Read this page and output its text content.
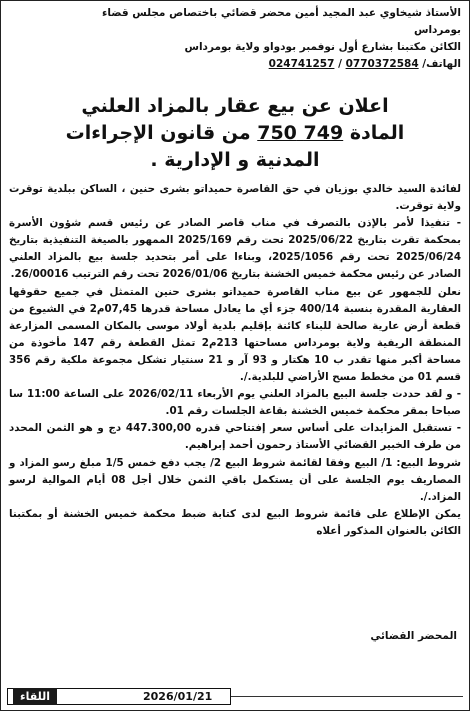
الأستاذ شيخاوي عبد المجيد أمين محضر قضائي باختصاص مجلس قضاء
بومرداس
الكائن مكتبنا بشارع أول نوفمبر بودواو ولاية بومرداس
الهاتف/ 0770372584 / 024741257
اعلان عن بيع عقار بالمزاد العلني
المادة 749 750 من قانون الإجراءات
المدنية و الإدارية .

لفائدة السيد خالدي بوزيان في حق القاصرة حميداتو بشرى حنين ، الساكن ببلدية توقرت ولاية توقرت.

- تنفيذا لأمر بالإذن بالتصرف في مناب قاصر الصادر عن رئيس قسم شؤون الأسرة بمحكمة تقرت بتاريخ 2025/06/22 تحت رقم 2025/169 الممهور بالصيغة التنفيذية بتاريخ 2025/06/24 تحت رقم 2025/1056، وبناءا على أمر بتحديد جلسة بيع بالمزاد العلني الصادر عن رئيس محكمة خميس الخشنة بتاريخ 2026/01/06 تحت رقم الترتيب 26/00016.

نعلن للجمهور عن بيع مناب القاصرة حميداتو بشرى حنين المتمثل في جميع حقوقها العقارية المقدرة بنسبة 400/14 جزء أي ما يعادل مساحة قدرها 07,45م2 في الشيوع من قطعة أرض عارية صالحة للبناء كائنة بإقليم بلدية أولاد موسى بالمكان المسمى المزارعة المنطقة الريفية ولاية بومرداس مساحتها 213م2 تمثل القطعة رقم 147 مأخوذة من مساحة أكبر منها تقدر ب 10 هكتار و 93 آر و 21 سنتيار تشكل مجموعة ملكية رقم 356 قسم 01 من مخطط مسح الأراضي للبلدية./.

- و لقد حددت جلسة البيع بالمزاد العلني يوم الأربعاء 2026/02/11 على الساعة 11:00 سا صباحا بمقر محكمة خميس الخشنة بقاعة الجلسات رقم 01.

- تستقبل المزايدات على أساس سعر إفتتاحي قدره 447.300,00 دج و هو الثمن المحدد من طرف الخبير القضائي الأستاذ رحمون أحمد إبراهيم.

شروط البيع: 1/ البيع وفقا لقائمة شروط البيع 2/ يجب دفع خمس 1/5 مبلغ رسو المزاد و المصاريف يوم الجلسة على أن يستكمل باقي الثمن خلال أجل 08 أيام الموالية لرسو المزاد./.

يمكن الإطلاع على قائمة شروط البيع لدى كتابة ضبط محكمة خميس الخشنة أو بمكتبنا الكائن بالعنوان المذكور أعلاه

المحضر القضائي
2026/01/21
اللقاء
